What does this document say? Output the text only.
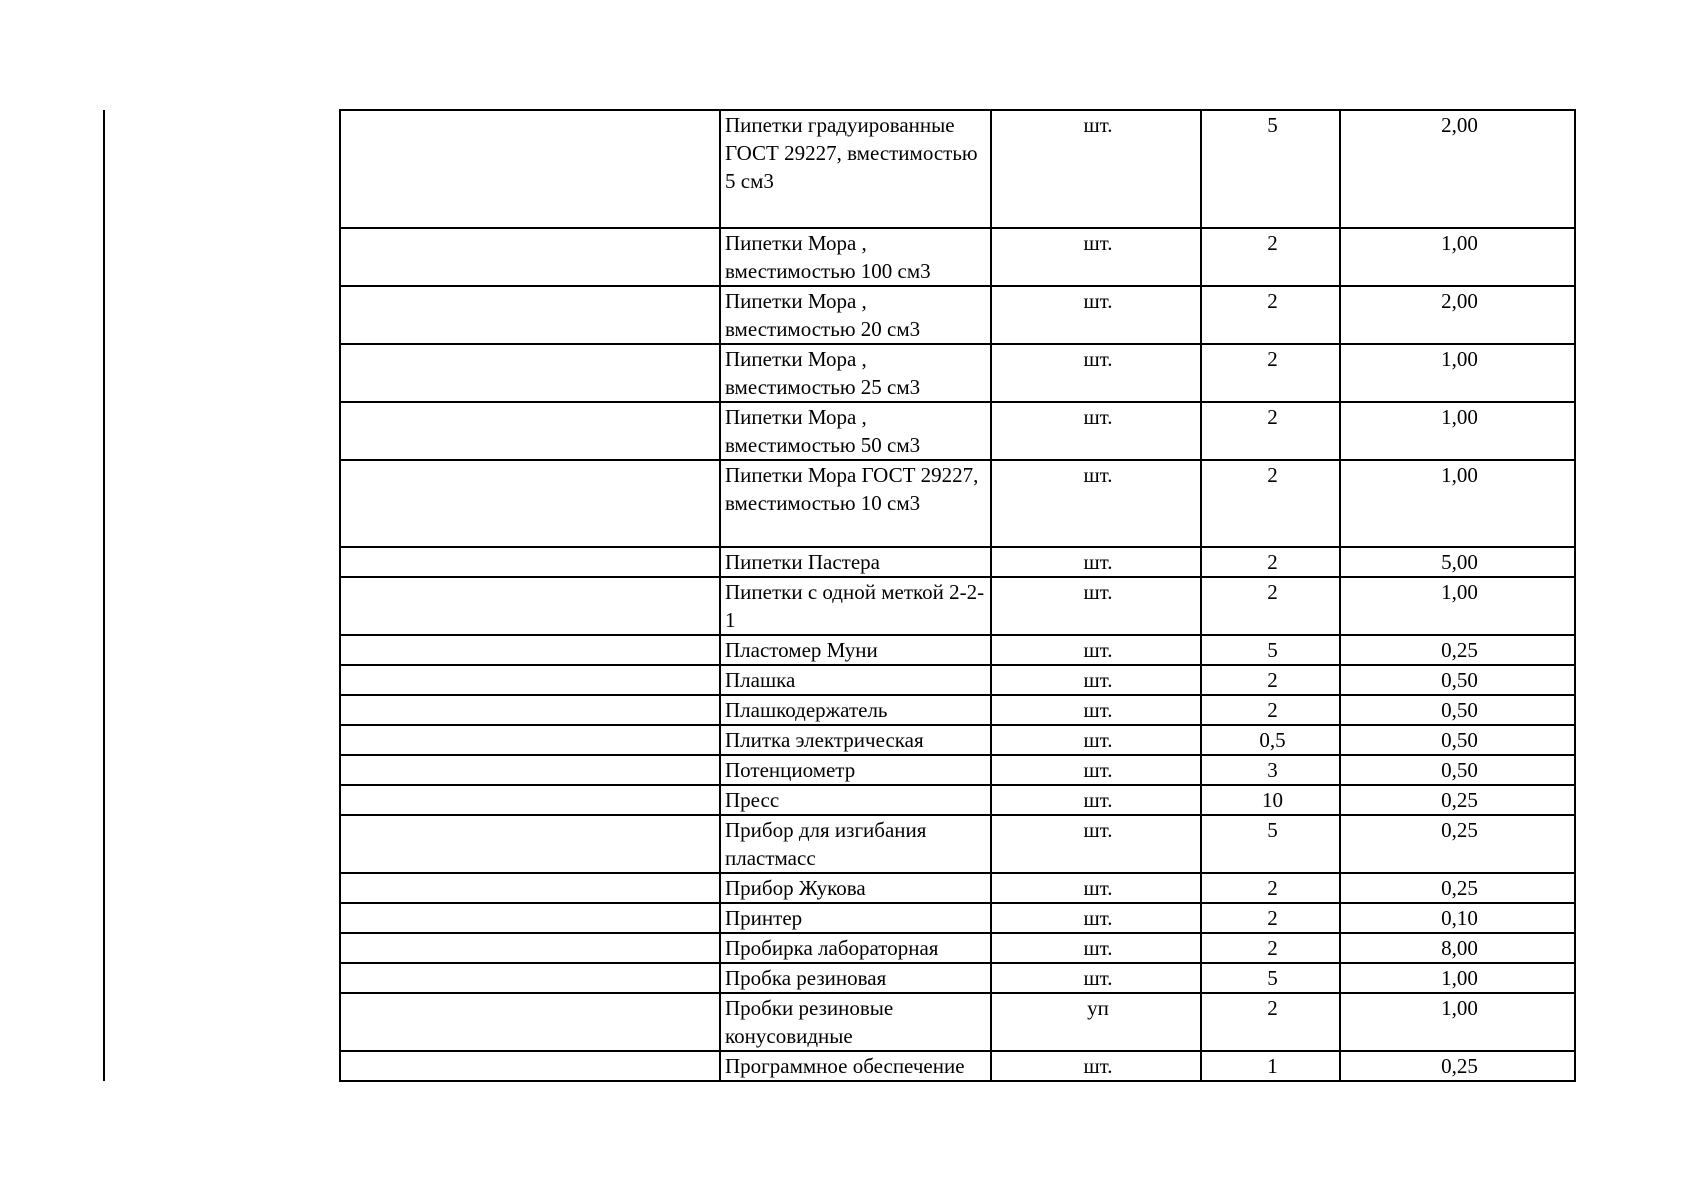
	Пипетки градуированные ГОСТ 29227, вместимостью 5 см3	шт.	5	2,00
	Пипетки Мора , вместимостью 100 см3	шт.	2	1,00
	Пипетки Мора , вместимостью 20 см3	шт.	2	2,00
	Пипетки Мора , вместимостью 25 см3	шт.	2	1,00
	Пипетки Мора , вместимостью 50 см3	шт.	2	1,00
	Пипетки Мора ГОСТ 29227, вместимостью 10 см3	шт.	2	1,00
	Пипетки Пастера	шт.	2	5,00
	Пипетки с одной меткой 2-2-1	шт.	2	1,00
	Пластомер Муни	шт.	5	0,25
	Плашка	шт.	2	0,50
	Плашкодержатель	шт.	2	0,50
	Плитка электрическая	шт.	0,5	0,50
	Потенциометр	шт.	3	0,50
	Пресс	шт.	10	0,25
	Прибор для изгибания пластмасс	шт.	5	0,25
	Прибор Жукова	шт.	2	0,25
	Принтер	шт.	2	0,10
	Пробирка лабораторная	шт.	2	8,00
	Пробка резиновая	шт.	5	1,00
	Пробки резиновые конусовидные	уп	2	1,00
	Программное обеспечение	шт.	1	0,25
